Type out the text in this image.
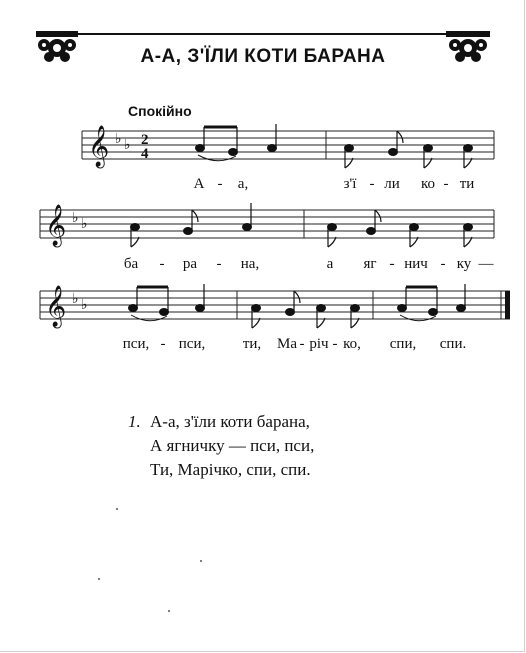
𝄞 ♭ ♭ 2
4
𝄞 ♭ ♭
𝄞 ♭ ♭
А-А, З'ЇЛИ КОТИ БАРАНА
Спокійно
А - а,	з'ї - ли ко - ти
ба - ра - на,	а яг - нич - ку —
пси, - пси,	ти, Ма - річ - ко, спи, спи.
1. А-а, з'їли коти барана,
А ягничку — пси, пси,
Ти, Марічко, спи, спи.
